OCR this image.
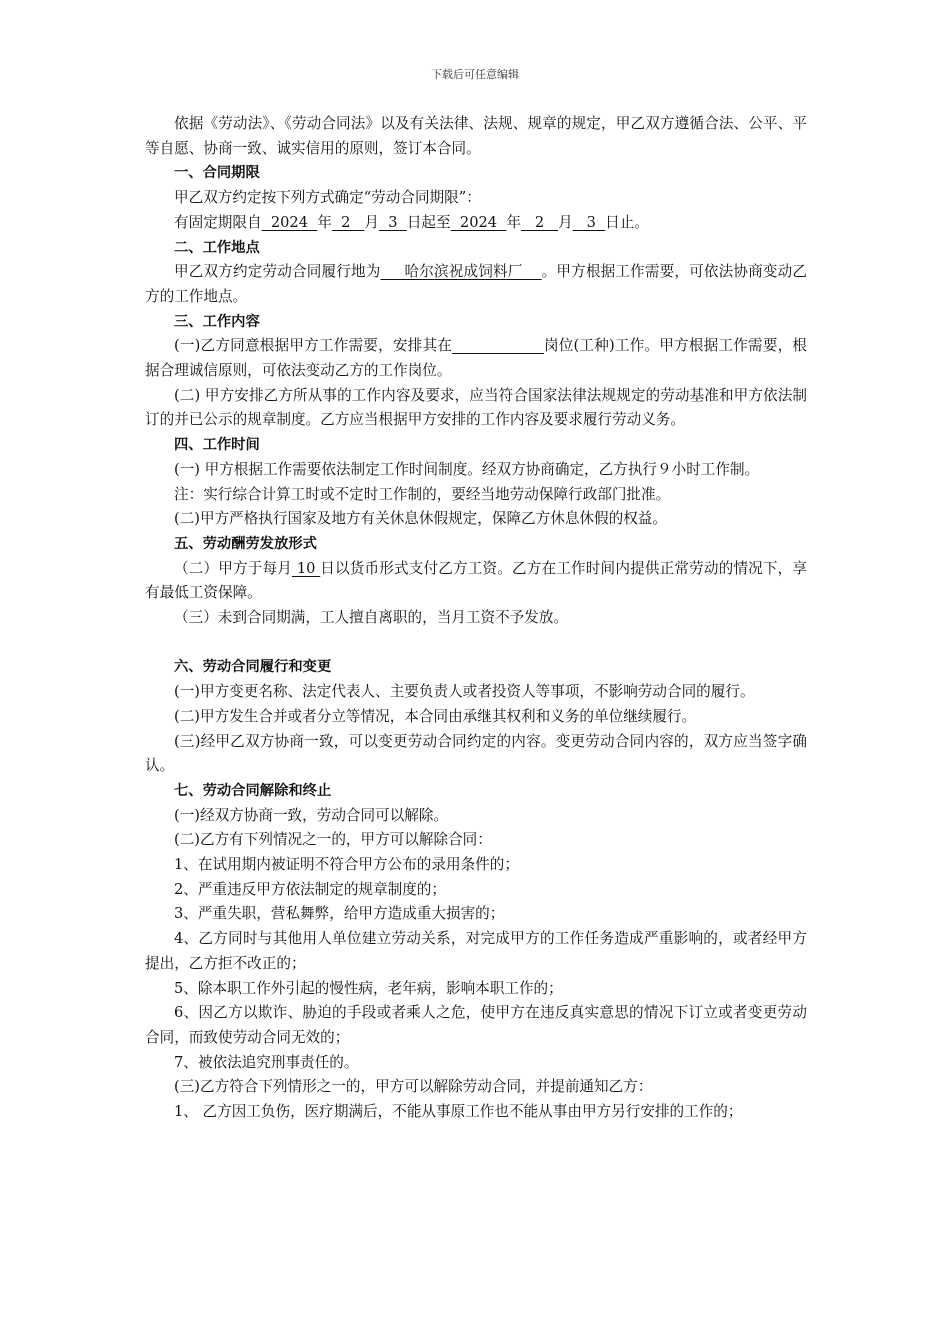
下载后可任意编辑

依据《劳动法》、《劳动合同法》以及有关法律、法规、规章的规定，甲乙双方遵循合法、公平、平等自愿、协商一致、诚实信用的原则，签订本合同。

一、合同期限

甲乙双方约定按下列方式确定“劳动合同期限”：

有固定期限自  2024  年  2   月  3  日起至  2024  年   2   月   3  日止。

二、工作地点

甲乙双方约定劳动合同履行地为     哈尔滨祝成饲料厂    。甲方根据工作需要，可依法协商变动乙方的工作地点。

三、工作内容

(一)乙方同意根据甲方工作需要，安排其在	岗位(工种)工作。甲方根据工作需要，根据合理诚信原则，可依法变动乙方的工作岗位。

(二) 甲方安排乙方所从事的工作内容及要求，应当符合国家法律法规规定的劳动基准和甲方依法制订的并已公示的规章制度。乙方应当根据甲方安排的工作内容及要求履行劳动义务。

四、工作时间

(一) 甲方根据工作需要依法制定工作时间制度。经双方协商确定，乙方执行９小时工作制。

注：实行综合计算工时或不定时工作制的，要经当地劳动保障行政部门批准。

(二)甲方严格执行国家及地方有关休息休假规定，保障乙方休息休假的权益。

五、劳动酬劳发放形式

（二）甲方于每月 10 日以货币形式支付乙方工资。乙方在工作时间内提供正常劳动的情况下，享有最低工资保障。

（三）未到合同期满，工人擅自离职的，当月工资不予发放。

六、劳动合同履行和变更

(一)甲方变更名称、法定代表人、主要负责人或者投资人等事项，不影响劳动合同的履行。

(二)甲方发生合并或者分立等情况，本合同由承继其权利和义务的单位继续履行。

(三)经甲乙双方协商一致，可以变更劳动合同约定的内容。变更劳动合同内容的，双方应当签字确认。

七、劳动合同解除和终止

(一)经双方协商一致，劳动合同可以解除。

(二)乙方有下列情况之一的，甲方可以解除合同：

1、在试用期内被证明不符合甲方公布的录用条件的；

2、严重违反甲方依法制定的规章制度的；

3、严重失职，营私舞弊，给甲方造成重大损害的；

4、乙方同时与其他用人单位建立劳动关系，对完成甲方的工作任务造成严重影响的，或者经甲方提出，乙方拒不改正的；

5、除本职工作外引起的慢性病，老年病，影响本职工作的；

6、因乙方以欺诈、胁迫的手段或者乘人之危，使甲方在违反真实意思的情况下订立或者变更劳动合同，而致使劳动合同无效的；

7、被依法追究刑事责任的。

(三)乙方符合下列情形之一的，甲方可以解除劳动合同，并提前通知乙方：

1、 乙方因工负伤，医疗期满后，不能从事原工作也不能从事由甲方另行安排的工作的；
